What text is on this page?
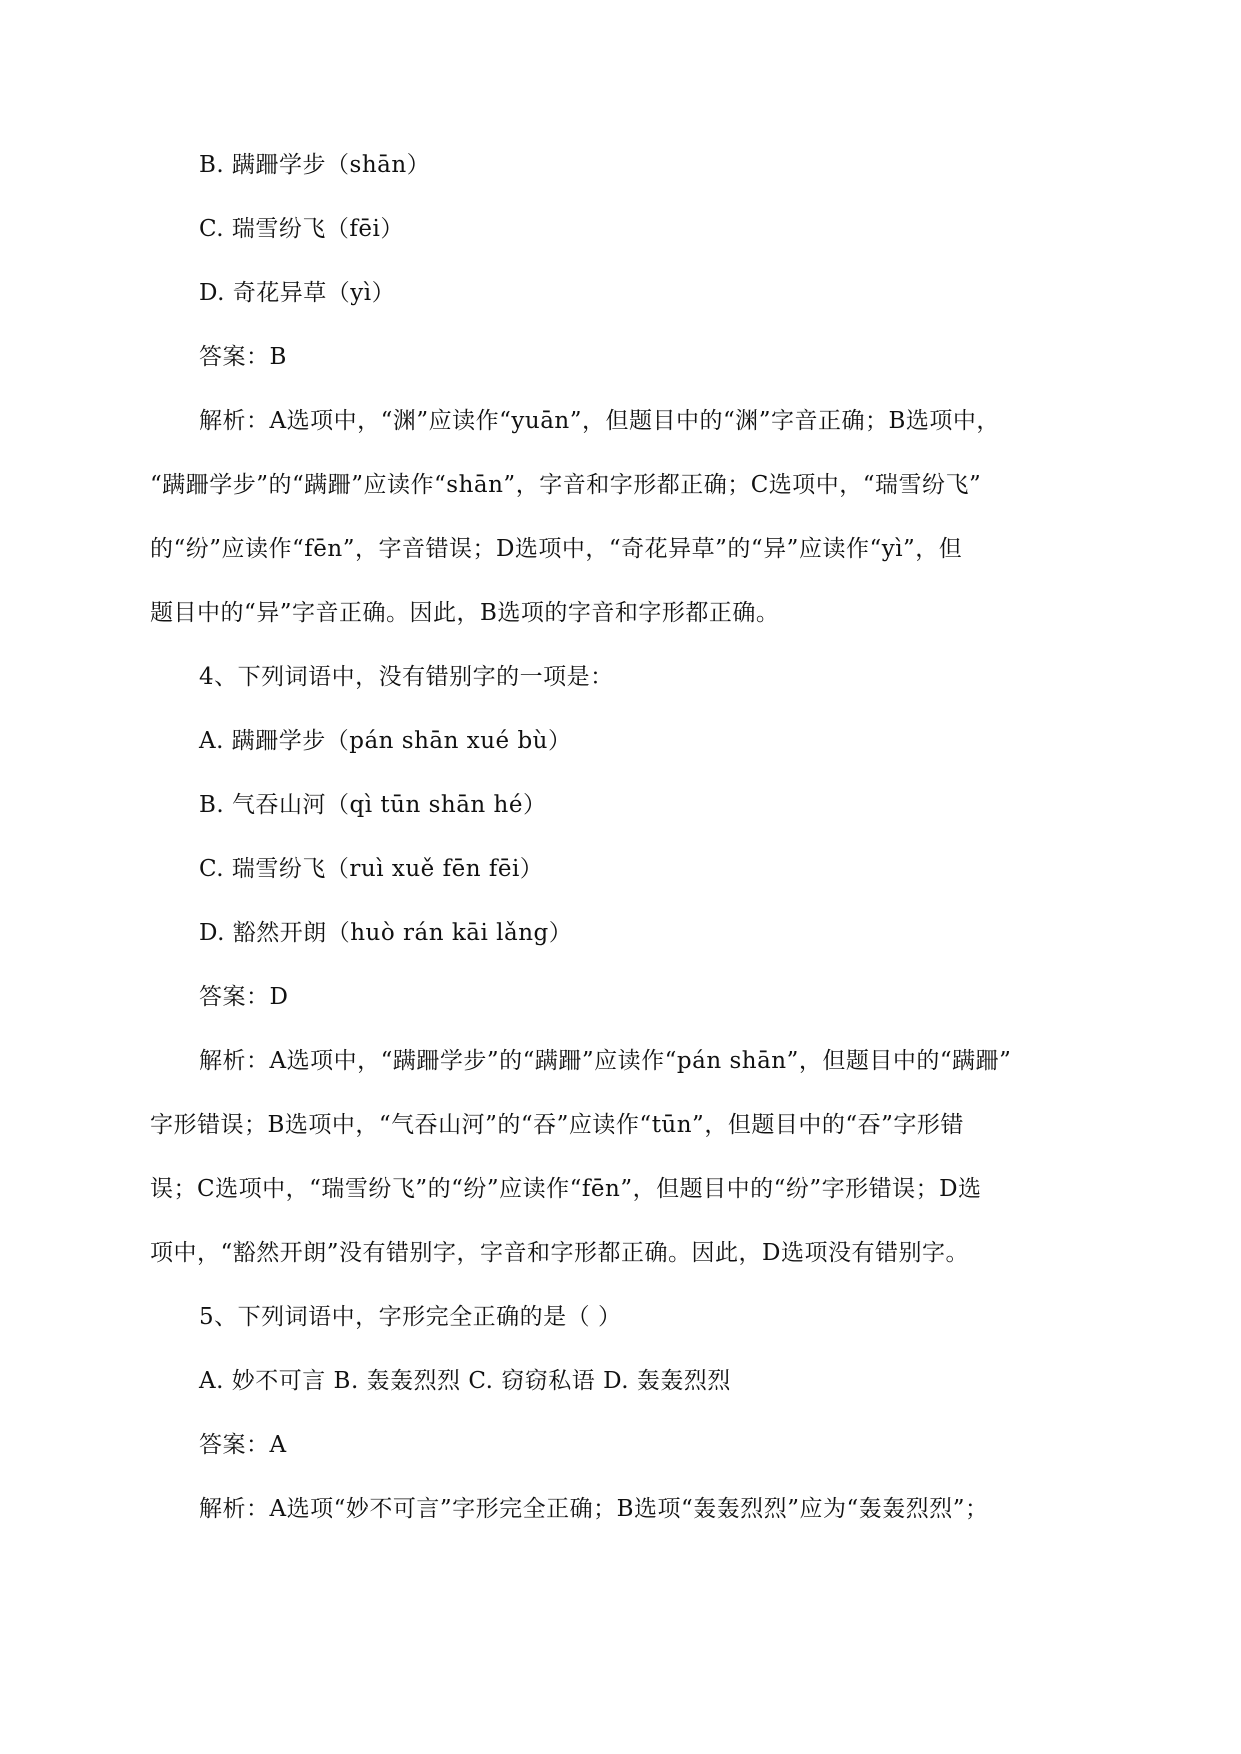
B. 蹒跚学步（shān）
C. 瑞雪纷飞（fēi）
D. 奇花异草（yì）
答案：B
解析：A选项中，“渊”应读作“yuān”，但题目中的“渊”字音正确；B选项中，
“蹒跚学步”的“蹒跚”应读作“shān”，字音和字形都正确；C选项中，“瑞雪纷飞”
的“纷”应读作“fēn”，字音错误；D选项中，“奇花异草”的“异”应读作“yì”，但
题目中的“异”字音正确。因此，B选项的字音和字形都正确。
4、下列词语中，没有错别字的一项是：
A. 蹒跚学步（pán shān xué bù）
B. 气吞山河（qì tūn shān hé）
C. 瑞雪纷飞（ruì xuě fēn fēi）
D. 豁然开朗（huò rán kāi lǎng）
答案：D
解析：A选项中，“蹒跚学步”的“蹒跚”应读作“pán shān”，但题目中的“蹒跚”
字形错误；B选项中，“气吞山河”的“吞”应读作“tūn”，但题目中的“吞”字形错
误；C选项中，“瑞雪纷飞”的“纷”应读作“fēn”，但题目中的“纷”字形错误；D选
项中，“豁然开朗”没有错别字，字音和字形都正确。因此，D选项没有错别字。
5、下列词语中，字形完全正确的是（ ）
A. 妙不可言 B. 轰轰烈烈 C. 窃窃私语 D. 轰轰烈烈
答案：A
解析：A选项“妙不可言”字形完全正确；B选项“轰轰烈烈”应为“轰轰烈烈”；
